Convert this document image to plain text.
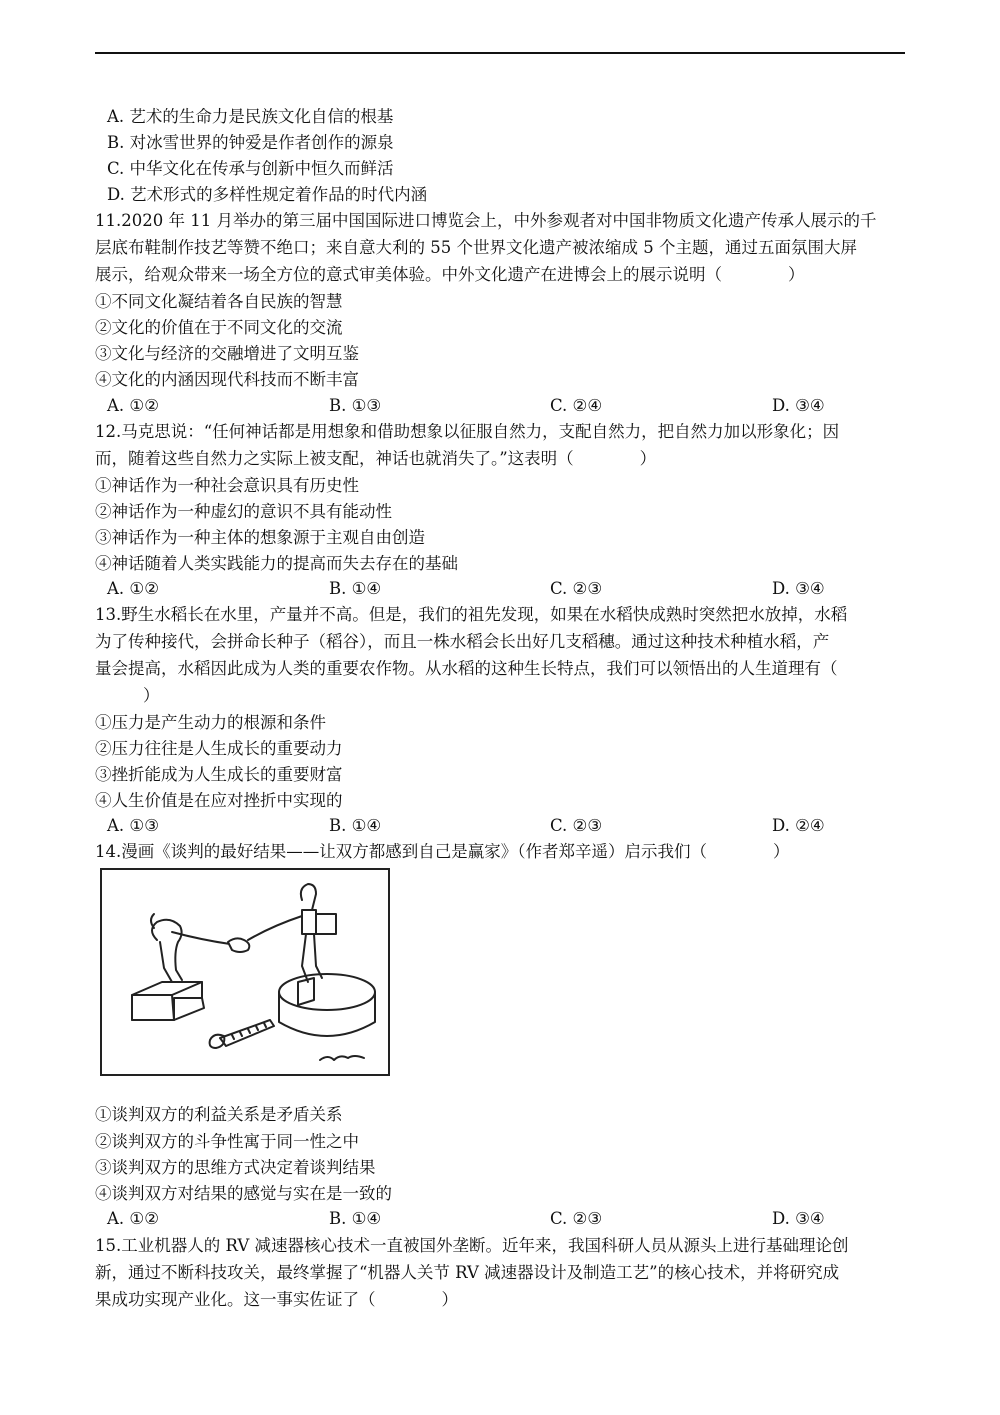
A. 艺术的生命力是民族文化自信的根基
B. 对冰雪世界的钟爱是作者创作的源泉
C. 中华文化在传承与创新中恒久而鲜活
D. 艺术形式的多样性规定着作品的时代内涵
11.2020 年 11 月举办的第三届中国国际进口博览会上，中外参观者对中国非物质文化遗产传承人展示的千
层底布鞋制作技艺等赞不绝口；来自意大利的 55 个世界文化遗产被浓缩成 5 个主题，通过五面氛围大屏
展示，给观众带来一场全方位的意式审美体验。中外文化遗产在进博会上的展示说明（　　　　）
①不同文化凝结着各自民族的智慧
②文化的价值在于不同文化的交流
③文化与经济的交融增进了文明互鉴
④文化的内涵因现代科技而不断丰富
A. ①②	B. ①③	C. ②④	D. ③④
12.马克思说：“任何神话都是用想象和借助想象以征服自然力，支配自然力，把自然力加以形象化；因
而，随着这些自然力之实际上被支配，神话也就消失了。”这表明（　　　　）
①神话作为一种社会意识具有历史性
②神话作为一种虚幻的意识不具有能动性
③神话作为一种主体的想象源于主观自由创造
④神话随着人类实践能力的提高而失去存在的基础
A. ①②	B. ①④	C. ②③	D. ③④
13.野生水稻长在水里，产量并不高。但是，我们的祖先发现，如果在水稻快成熟时突然把水放掉，水稻
为了传种接代，会拼命长种子（稻谷），而且一株水稻会长出好几支稻穗。通过这种技术种植水稻，产
量会提高，水稻因此成为人类的重要农作物。从水稻的这种生长特点，我们可以领悟出的人生道理有（
　　）
①压力是产生动力的根源和条件
②压力往往是人生成长的重要动力
③挫折能成为人生成长的重要财富
④人生价值是在应对挫折中实现的
A. ①③	B. ①④	C. ②③	D. ②④
14.漫画《谈判的最好结果——让双方都感到自己是赢家》（作者郑辛遥）启示我们（　　　　）
①谈判双方的利益关系是矛盾关系
②谈判双方的斗争性寓于同一性之中
③谈判双方的思维方式决定着谈判结果
④谈判双方对结果的感觉与实在是一致的
A. ①②	B. ①④	C. ②③	D. ③④
15.工业机器人的 RV 减速器核心技术一直被国外垄断。近年来，我国科研人员从源头上进行基础理论创
新，通过不断科技攻关，最终掌握了“机器人关节 RV 减速器设计及制造工艺”的核心技术，并将研究成
果成功实现产业化。这一事实佐证了（　　　　）
